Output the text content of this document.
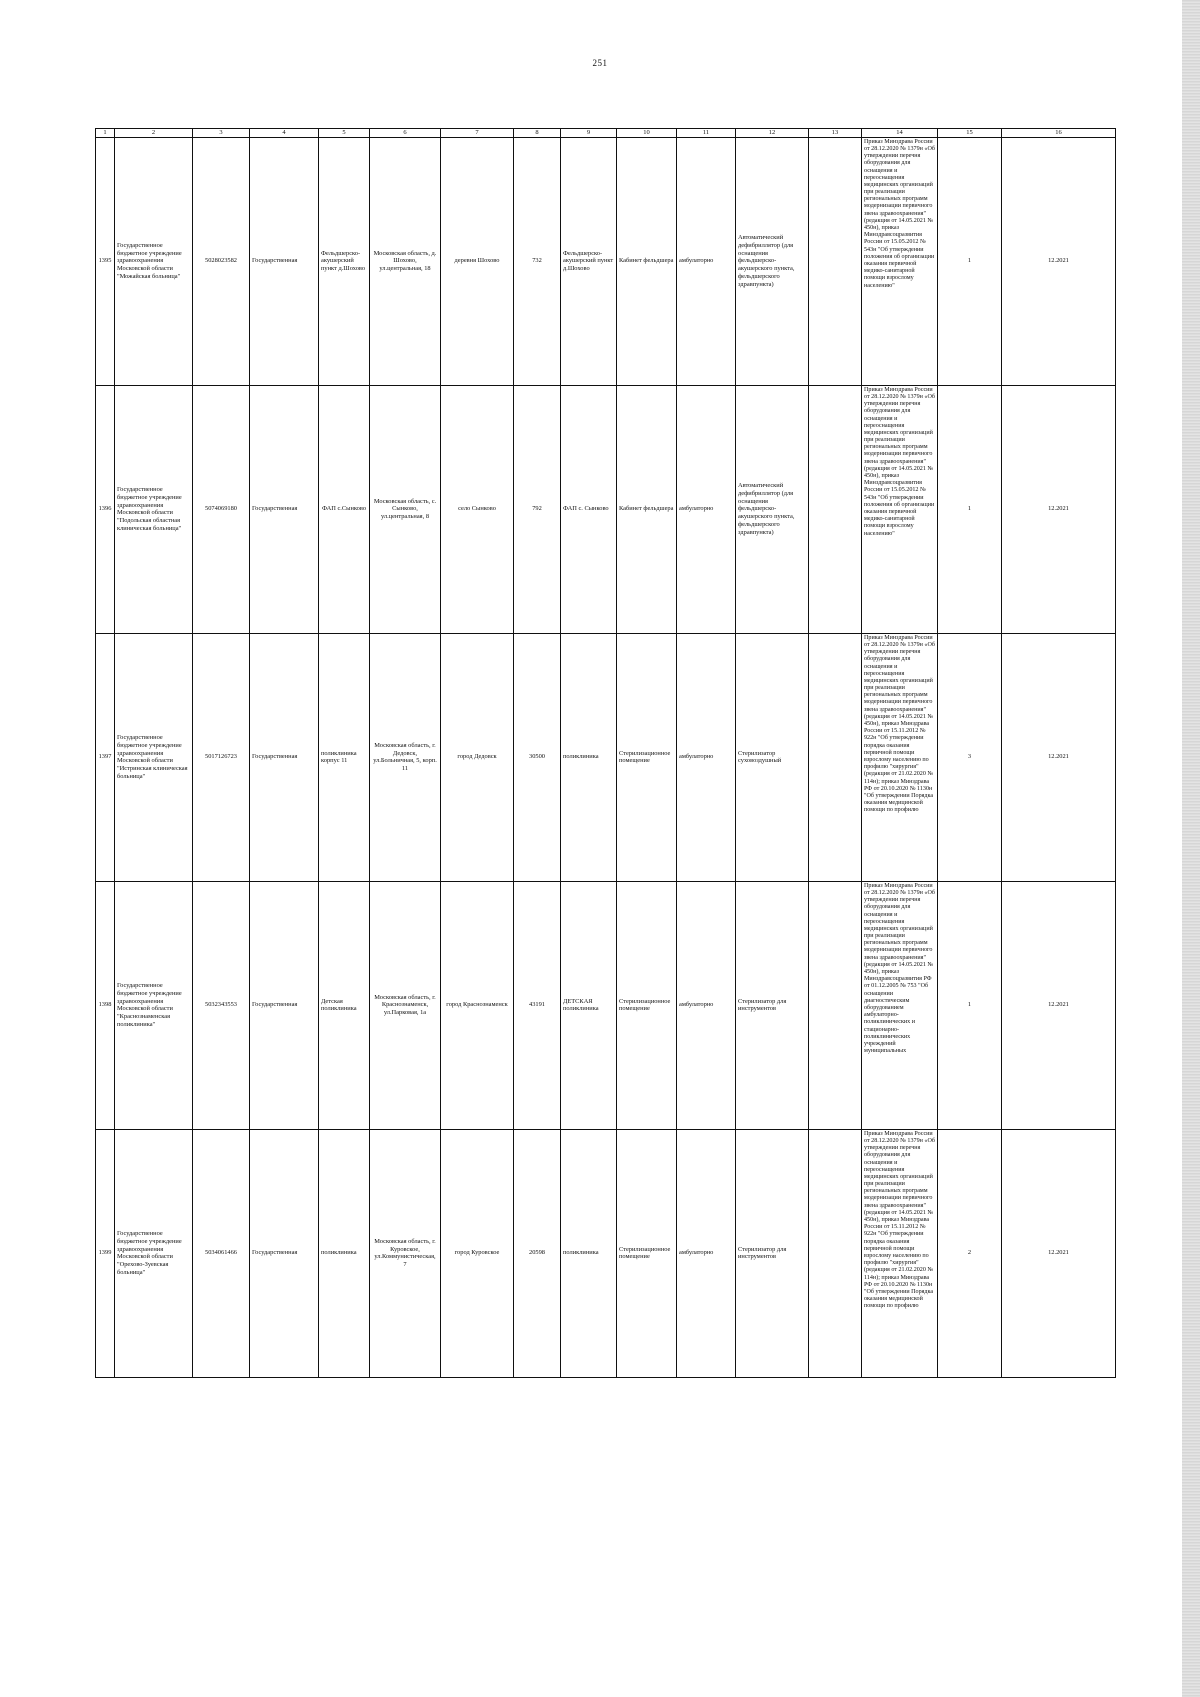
251
1	2	3	4	5	6	7	8	9	10	11	12	13	14	15	16
1395	Государственное бюджетное учреждение здравоохранения Московской области "Можайская больница"	5028023582	Государственная	Фельдшерско-акушерский пункт д.Шохово	Московская область, д. Шохово, ул.центральная, 18	деревня Шохово	732	Фельдшерско-акушерский пункт д.Шохово	Кабинет фельдшера	амбулаторно	Автоматический дефибриллятор (для оснащения фельдшерско-акушерского пункта, фельдшерского здравпункта)		Приказ Минздрава России от 28.12.2020 № 1379н «Об утверждении перечня оборудования для оснащения и переоснащения медицинских организаций при реализации региональных программ модернизации первичного звена здравоохранения"(редакция от 14.05.2021 № 450н), приказ Минздравсоцразвития России от 15.05.2012 № 543н "Об утверждении положения об организации оказания первичной медико-санитарной помощи взрослому населению"	1	12.2021
1396	Государственное бюджетное учреждение здравоохранения Московской области "Подольская областная клиническая больница"	5074069180	Государственная	ФАП с.Сынково	Московская область, с. Сынково, ул.центральная, 8	село Сынково	792	ФАП с. Сынково	Кабинет фельдшера	амбулаторно	Автоматический дефибриллятор (для оснащения фельдшерско-акушерского пункта, фельдшерского здравпункта)		Приказ Минздрава России от 28.12.2020 № 1379н «Об утверждении перечня оборудования для оснащения и переоснащения медицинских организаций при реализации региональных программ модернизации первичного звена здравоохранения"(редакция от 14.05.2021 № 450н), приказ Минздравсоцразвития России от 15.05.2012 № 543н "Об утверждении положения об организации оказания первичной медико-санитарной помощи взрослому населению"	1	12.2021
1397	Государственное бюджетное учреждение здравоохранения Московской области "Истринская клиническая больница"	5017126723	Государственная	поликлиника корпус 11	Московская область, г. Дедовск, ул.Больничная, 5, корп. 11	город Дедовск	30500	поликлиника	Стерилизационное помещение	амбулаторно	Стерилизатор суховоздушный		Приказ Минздрава России от 28.12.2020 № 1379н «Об утверждении перечня оборудования для оснащения и переоснащения медицинских организаций при реализации региональных программ модернизации первичного звена здравоохранения"(редакция от 14.05.2021 № 450н), приказ Минздрава России от 15.11.2012 № 922н "Об утверждении порядка оказания первичной помощи взрослому населению по профилю "хирургия" (редакция от 21.02.2020 № 114н); приказ Минздрава РФ от 20.10.2020 № 1130н "Об утверждении Порядка оказания медицинской помощи по профилю	3	12.2021
1398	Государственное бюджетное учреждение здравоохранения Московской области "Краснознаменская поликлиника"	5032343553	Государственная	Детская поликлиника	Московская область, г. Краснознаменск, ул.Парковая, 1а	город Краснознаменск	43191	ДЕТСКАЯ поликлиника	Стерилизационное помещение	амбулаторно	Стерилизатор для инструментов		Приказ Минздрава России от 28.12.2020 № 1379н «Об утверждении перечня оборудования для оснащения и переоснащения медицинских организаций при реализации региональных программ модернизации первичного звена здравоохранения"(редакция от 14.05.2021 № 450н), приказ Минздравсоцразвития РФ от 01.12.2005 № 753 "Об оснащении диагностическим оборудованием амбулаторно-поликлинических и стационарно-поликлинических учреждений муниципальных	1	12.2021
1399	Государственное бюджетное учреждение здравоохранения Московской области "Орехово-Зуевская больница"	5034061466	Государственная	поликлиника	Московская область, г. Куровское, ул.Коммунистическая, 7	город Куровское	20598	поликлиника	Стерилизационное помещение	амбулаторно	Стерилизатор для инструментов		Приказ Минздрава России от 28.12.2020 № 1379н «Об утверждении перечня оборудования для оснащения и переоснащения медицинских организаций при реализации региональных программ модернизации первичного звена здравоохранения"(редакция от 14.05.2021 № 450н), приказ Минздрава России от 15.11.2012 № 922н "Об утверждении порядка оказания первичной помощи взрослому населению по профилю "хирургия" (редакция от 21.02.2020 № 114н); приказ Минздрава РФ от 20.10.2020 № 1130н "Об утверждении Порядка оказания медицинской помощи по профилю	2	12.2021
